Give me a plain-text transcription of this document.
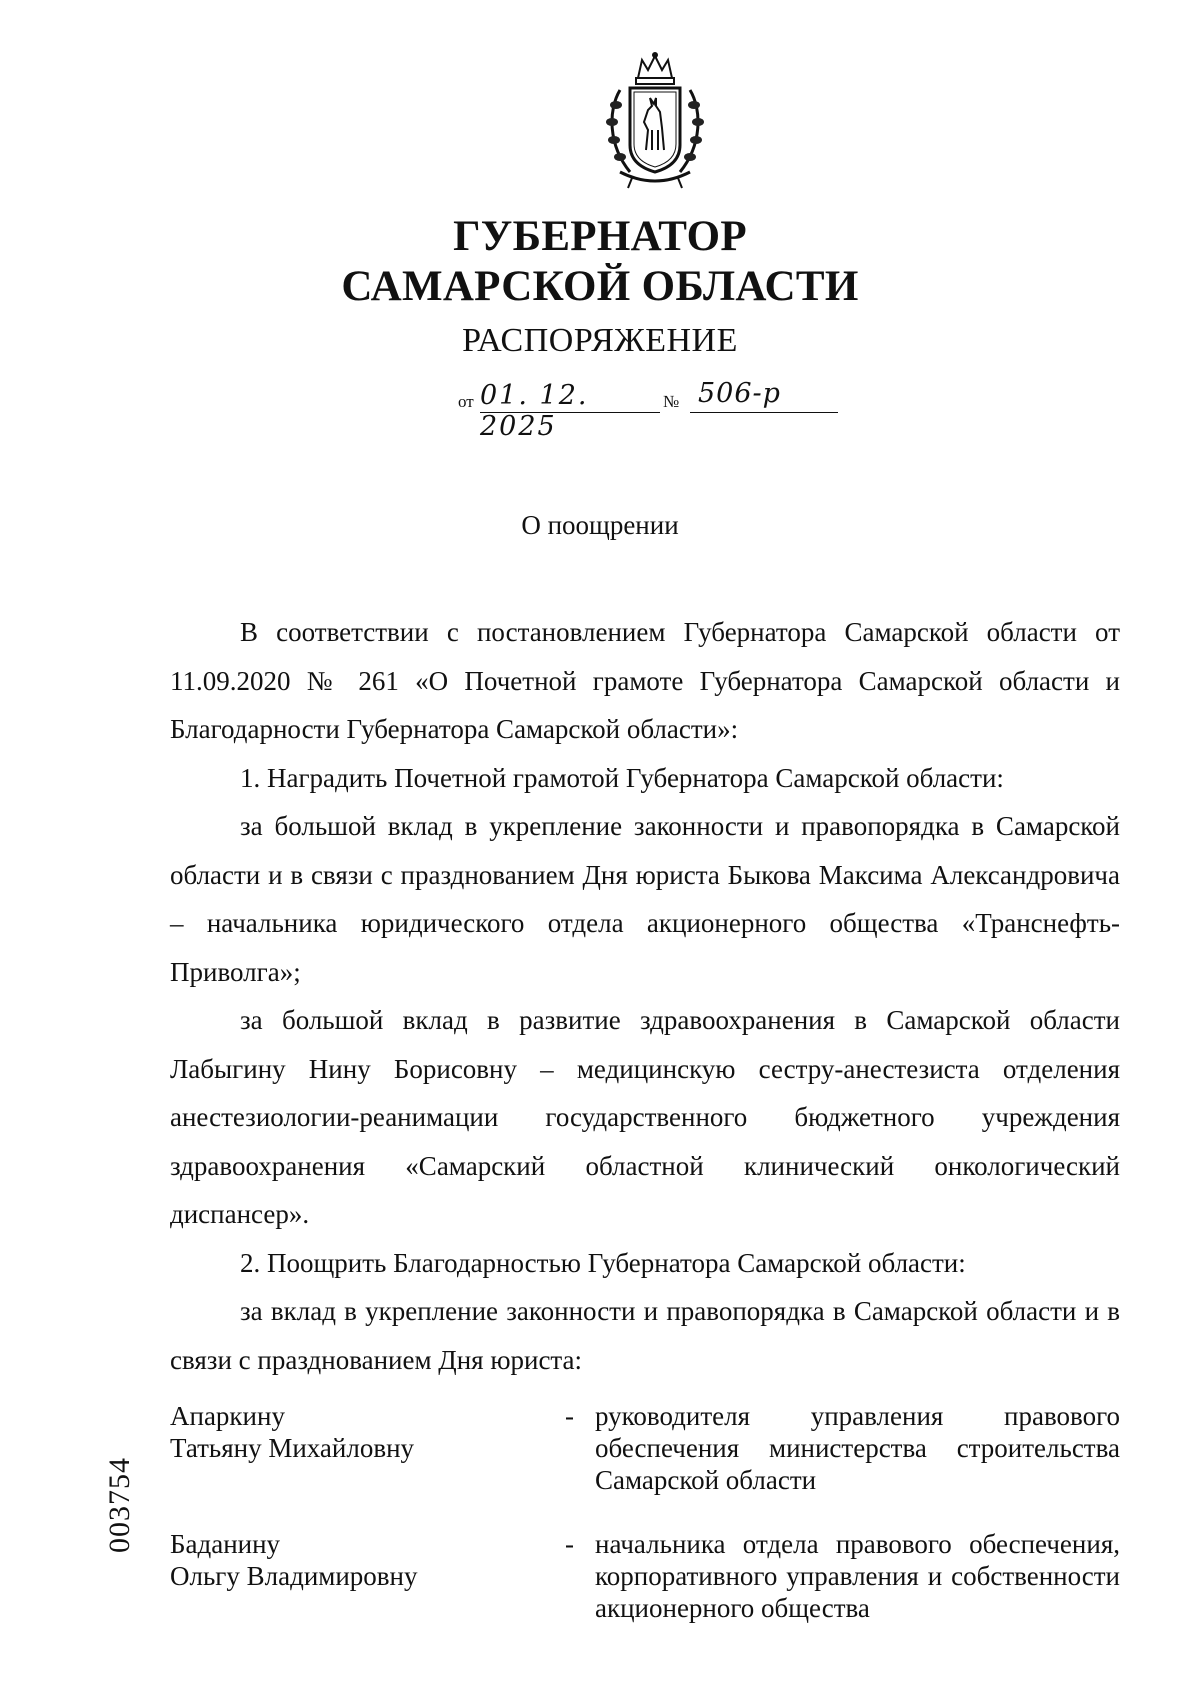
ГУБЕРНАТОР
САМАРСКОЙ ОБЛАСТИ
РАСПОРЯЖЕНИЕ
от 01. 12. 2025
№ 506-р
О поощрении

В соответствии с постановлением Губернатора Самарской области от 11.09.2020 № 261 «О Почетной грамоте Губернатора Самарской области и Благодарности Губернатора Самарской области»:

1. Наградить Почетной грамотой Губернатора Самарской области:

за большой вклад в укрепление законности и правопорядка в Самарской области и в связи с празднованием Дня юриста Быкова Максима Александровича – начальника юридического отдела акционерного общества «Транснефть-Приволга»;

за большой вклад в развитие здравоохранения в Самарской области Лабыгину Нину Борисовну – медицинскую сестру-анестезиста отделения анестезиологии-реанимации государственного бюджетного учреждения здравоохранения «Самарский областной клинический онкологический диспансер».

2. Поощрить Благодарностью Губернатора Самарской области:

за вклад в укрепление законности и правопорядка в Самарской области и в связи с празднованием Дня юриста:

Апаркину
Татьяну Михайловну
- руководителя управления правового обеспечения министерства строительства Самарской области
Баданину
Ольгу Владимировну
- начальника отдела правового обеспечения, корпоративного управления и собственности акционерного общества
003754
